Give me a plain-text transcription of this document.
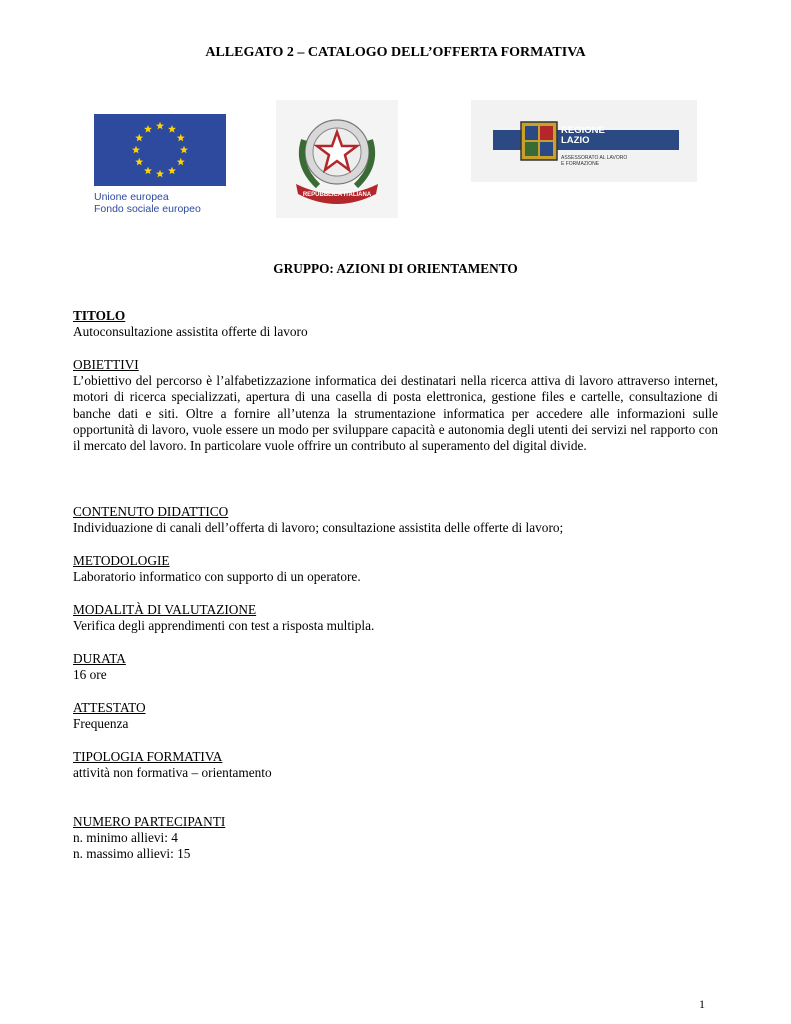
ALLEGATO 2 – CATALOGO DELL’OFFERTA FORMATIVA
Unione europea
Fondo sociale europeo
REPUBBLICA ITALIANA
REGIONE
LAZIO
ASSESSORATO AL LAVORO
E FORMAZIONE
GRUPPO: AZIONI DI ORIENTAMENTO
TITOLO
Autoconsultazione assistita offerte di lavoro
OBIETTIVI
L’obiettivo del percorso è l’alfabetizzazione informatica dei destinatari nella ricerca attiva di lavoro attraverso internet, motori di ricerca specializzati, apertura di una casella di posta elettronica, gestione files e cartelle, consultazione di banche dati e siti. Oltre a fornire all’utenza la strumentazione informatica per accedere alle informazioni sulle opportunità di lavoro, vuole essere un modo per sviluppare capacità e autonomia degli utenti dei servizi nel rapporto con il mercato del lavoro. In particolare vuole offrire un contributo al superamento del digital divide.
CONTENUTO DIDATTICO
Individuazione di canali dell’offerta di lavoro; consultazione assistita delle offerte di lavoro;
METODOLOGIE
Laboratorio informatico con supporto di un operatore.
MODALITÀ DI VALUTAZIONE
Verifica degli apprendimenti con test a risposta multipla.
DURATA
16 ore
ATTESTATO
Frequenza
TIPOLOGIA FORMATIVA
attività non formativa – orientamento
NUMERO PARTECIPANTI
n. minimo allievi: 4
n. massimo allievi: 15
1
